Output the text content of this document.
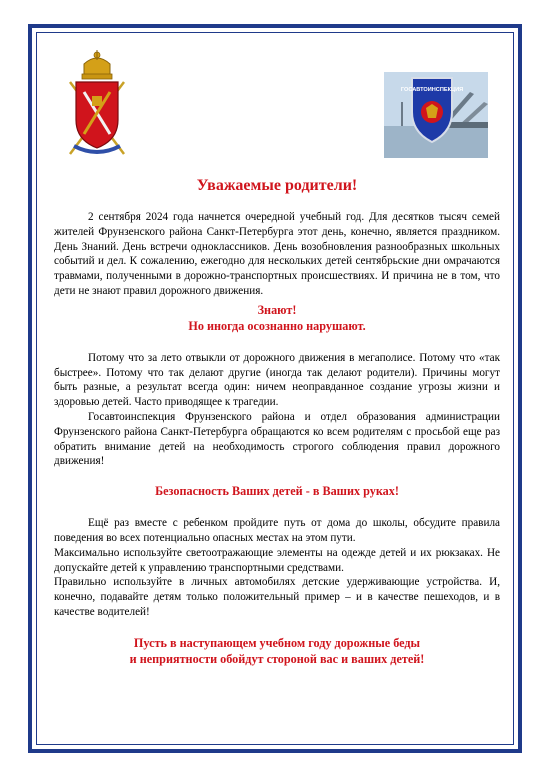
ГОСАВТОИНСПЕКЦИЯ
Уважаемые родители!

2 сентября 2024 года начнется очередной учебный год. Для десятков тысяч семей жителей Фрунзенского района Санкт-Петербурга этот день, конечно, является праздником. День Знаний. День встречи одноклассников. День возобновления разнообразных школьных событий и дел. К сожалению, ежегодно для нескольких детей сентябрьские дни омрачаются травмами, полученными в дорожно-транспортных происшествиях. И причина не в том, что дети не знают правил дорожного движения.

Знают!

Но иногда осознанно нарушают.

Потому что за лето отвыкли от дорожного движения в мегаполисе. Потому что «так быстрее». Потому что так делают другие (иногда так делают родители). Причины могут быть разные, а результат всегда один: ничем неоправданное создание угрозы жизни и здоровью детей. Часто приводящее к трагедии.

Госавтоинспекция Фрунзенского района и отдел образования администрации Фрунзенского района Санкт-Петербурга обращаются ко всем родителям с просьбой еще раз обратить внимание детей на необходимость строгого соблюдения правил дорожного движения!

Безопасность Ваших детей - в Ваших руках!

Ещё раз вместе с ребенком пройдите путь от дома до школы, обсудите правила поведения во всех потенциально опасных местах на этом пути.

Максимально используйте светоотражающие элементы на одежде детей и их рюкзаках. Не допускайте детей к управлению транспортными средствами.

Правильно используйте в личных автомобилях детские удерживающие устройства. И, конечно, подавайте детям только положительный пример – и в качестве пешеходов, и в качестве водителей!

Пусть в наступающем учебном году дорожные беды

и неприятности обойдут стороной вас и ваших детей!
